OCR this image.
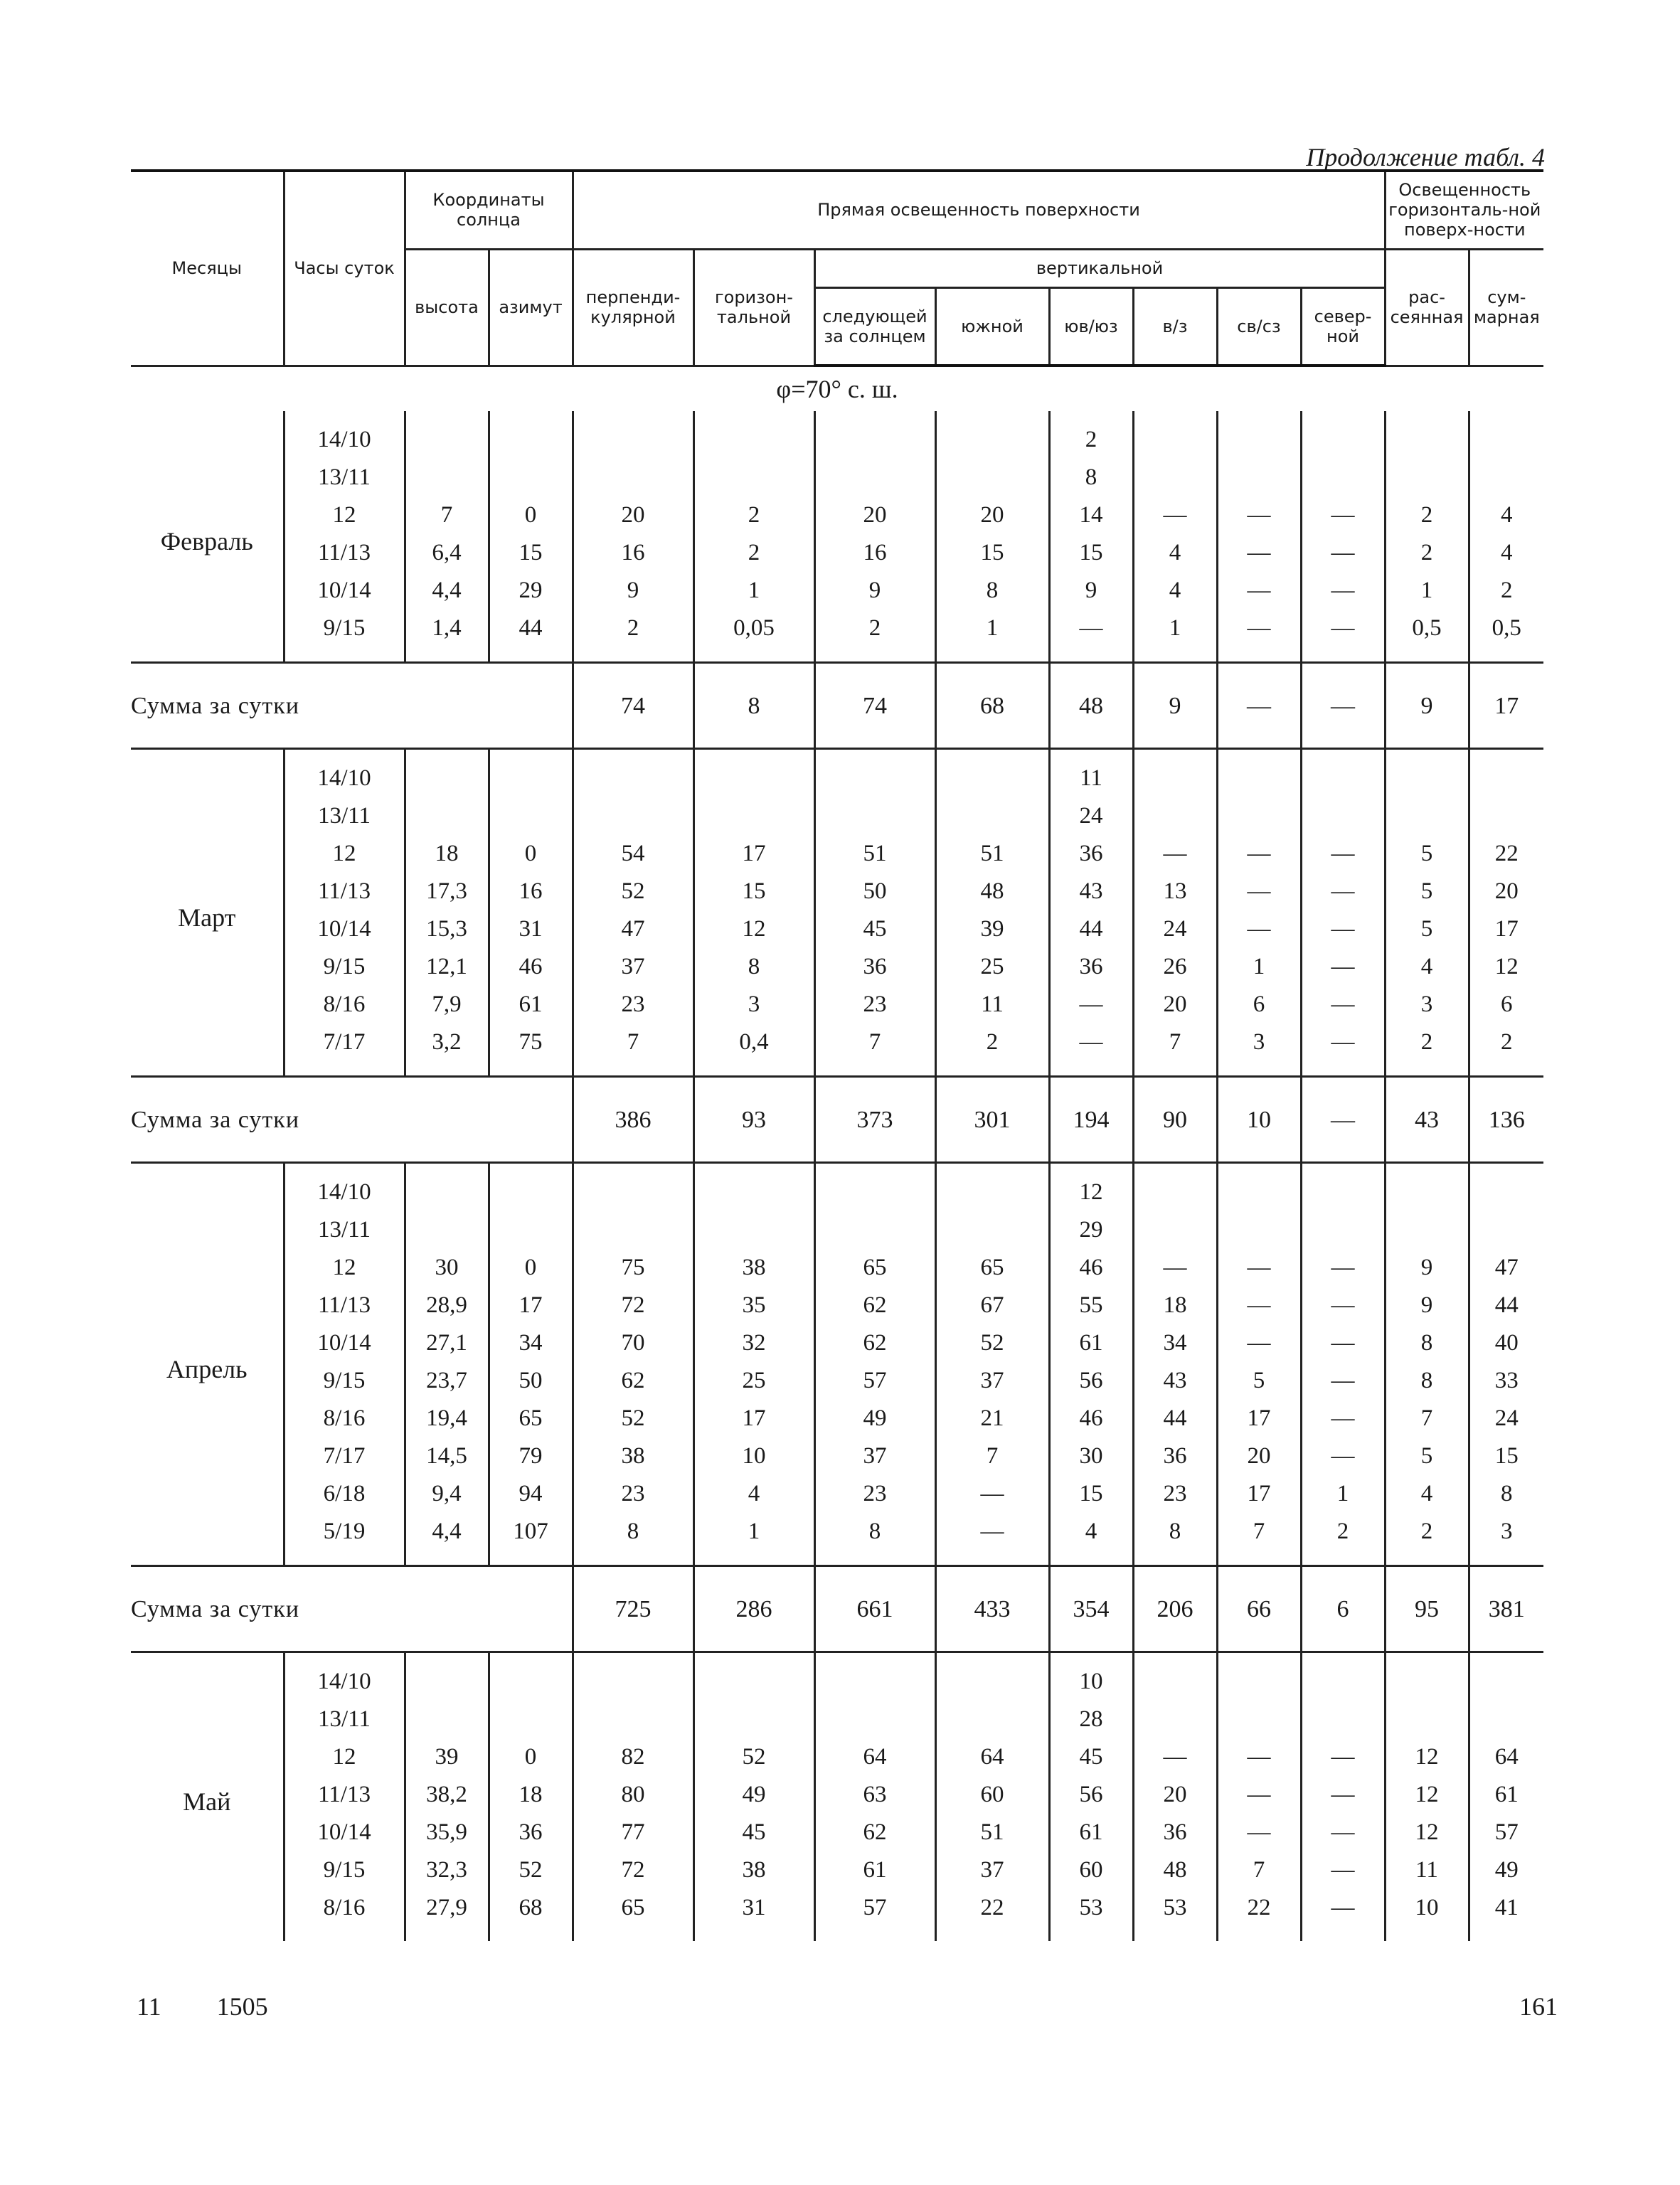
Продолжение табл. 4
Месяцы	Часы суток	Координаты солнца		Прямая освещенность поверхности								Освещенность горизонталь-ной поверх-ности	
		высота	азимут	перпенди-кулярной	горизон-тальной	вертикальной						рас-сеянная	сум-марная
						следующей за солнцем	южной	юв/юз	в/з	св/сз	север-ной		
φ=70° с. ш.													
Февраль	14/10							2					
	13/11							8					
	12	7	0	20	2	20	20	14	—	—	—	2	4
	11/13	6,4	15	16	2	16	15	15	4	—	—	2	4
	10/14	4,4	29	9	1	9	8	9	4	—	—	1	2
	9/15	1,4	44	2	0,05	2	1	—	1	—	—	0,5	0,5
Сумма за сутки				74	8	74	68	48	9	—	—	9	17
Март	14/10							11					
	13/11							24					
	12	18	0	54	17	51	51	36	—	—	—	5	22
	11/13	17,3	16	52	15	50	48	43	13	—	—	5	20
	10/14	15,3	31	47	12	45	39	44	24	—	—	5	17
	9/15	12,1	46	37	8	36	25	36	26	1	—	4	12
	8/16	7,9	61	23	3	23	11	—	20	6	—	3	6
	7/17	3,2	75	7	0,4	7	2	—	7	3	—	2	2
Сумма за сутки				386	93	373	301	194	90	10	—	43	136
Апрель	14/10							12					
	13/11							29					
	12	30	0	75	38	65	65	46	—	—	—	9	47
	11/13	28,9	17	72	35	62	67	55	18	—	—	9	44
	10/14	27,1	34	70	32	62	52	61	34	—	—	8	40
	9/15	23,7	50	62	25	57	37	56	43	5	—	8	33
	8/16	19,4	65	52	17	49	21	46	44	17	—	7	24
	7/17	14,5	79	38	10	37	7	30	36	20	—	5	15
	6/18	9,4	94	23	4	23	—	15	23	17	1	4	8
	5/19	4,4	107	8	1	8	—	4	8	7	2	2	3
Сумма за сутки				725	286	661	433	354	206	66	6	95	381
Май	14/10							10					
	13/11							28					
	12	39	0	82	52	64	64	45	—	—	—	12	64
	11/13	38,2	18	80	49	63	60	56	20	—	—	12	61
	10/14	35,9	36	77	45	62	51	61	36	—	—	12	57
	9/15	32,3	52	72	38	61	37	60	48	7	—	11	49
	8/16	27,9	68	65	31	57	22	53	53	22	—	10	41
11 1505	161
